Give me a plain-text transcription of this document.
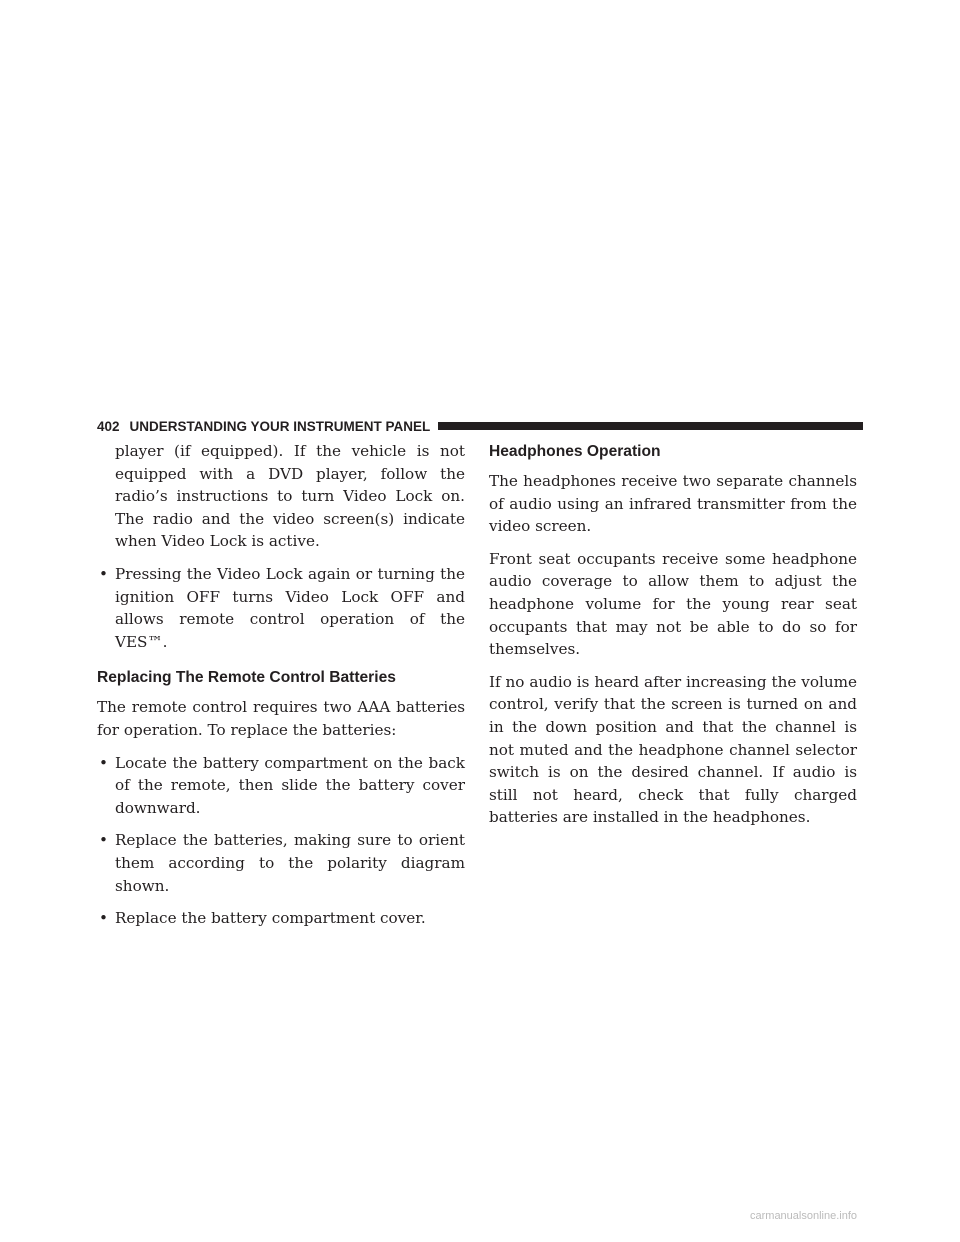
402 UNDERSTANDING YOUR INSTRUMENT PANEL

player (if equipped). If the vehicle is not equipped with a DVD player, follow the radio’s instructions to turn Video Lock on. The radio and the video screen(s) indicate when Video Lock is active.

• Pressing the Video Lock again or turning the ignition OFF turns Video Lock OFF and allows remote control operation of the VES™.

Replacing The Remote Control Batteries

The remote control requires two AAA batteries for operation. To replace the batteries:

• Locate the battery compartment on the back of the remote, then slide the battery cover downward.

• Replace the batteries, making sure to orient them according to the polarity diagram shown.

• Replace the battery compartment cover.

Headphones Operation

The headphones receive two separate channels of audio using an infrared transmitter from the video screen.

Front seat occupants receive some headphone audio coverage to allow them to adjust the headphone volume for the young rear seat occupants that may not be able to do so for themselves.

If no audio is heard after increasing the volume control, verify that the screen is turned on and in the down position and that the channel is not muted and the headphone channel selector switch is on the desired channel. If audio is still not heard, check that fully charged batteries are installed in the headphones.

carmanualsonline.info
